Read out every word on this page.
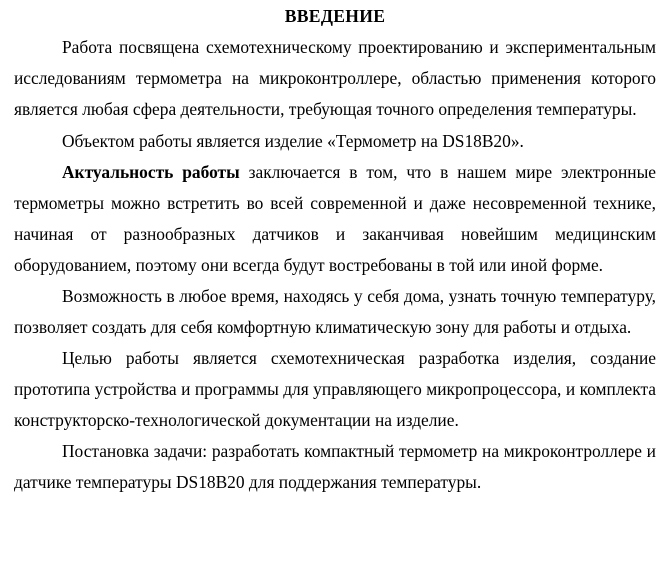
ВВЕДЕНИЕ

Работа посвящена схемотехническому проектированию и экспериментальным исследованиям термометра на микроконтроллере, областью применения которого является любая сфера деятельности, требующая точного определения температуры.

Объектом работы является изделие «Термометр на DS18B20».

Актуальность работы заключается в том, что в нашем мире электронные термометры можно встретить во всей современной и даже несовременной технике, начиная от разнообразных датчиков и заканчивая новейшим медицинским оборудованием, поэтому они всегда будут востребованы в той или иной форме.

Возможность в любое время, находясь у себя дома, узнать точную температуру, позволяет создать для себя комфортную климатическую зону для работы и отдыха.

Целью работы является схемотехническая разработка изделия, создание прототипа устройства и программы для управляющего микропроцессора, и комплекта конструкторско-технологической документации на изделие.

Постановка задачи: разработать компактный термометр на микроконтроллере и датчике температуры DS18B20 для поддержания температуры.
